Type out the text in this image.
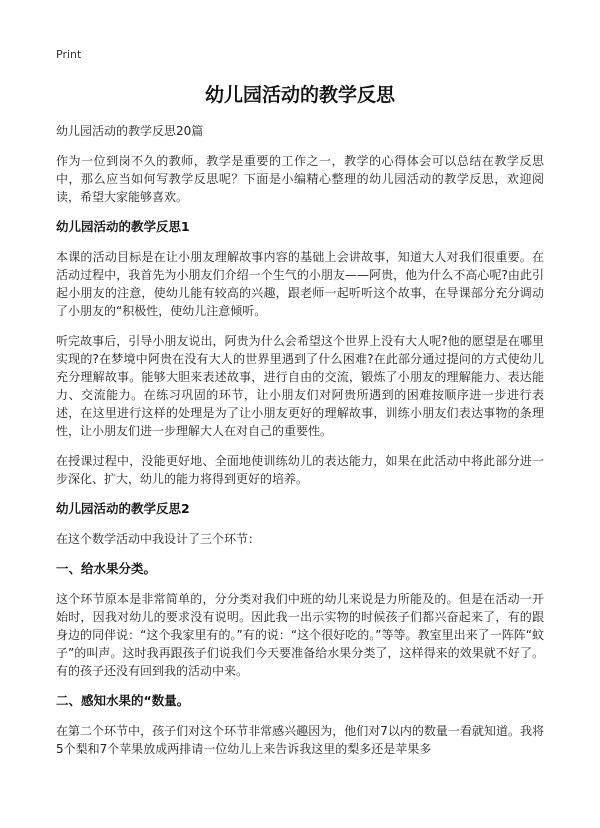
Print
幼儿园活动的教学反思
幼儿园活动的教学反思20篇

作为一位到岗不久的教师，教学是重要的工作之一，教学的心得体会可以总结在教学反思中，那么应当如何写教学反思呢？下面是小编精心整理的幼儿园活动的教学反思，欢迎阅读，希望大家能够喜欢。

幼儿园活动的教学反思1

本课的活动目标是在让小朋友理解故事内容的基础上会讲故事，知道大人对我们很重要。在活动过程中，我首先为小朋友们介绍一个生气的小朋友——阿贵，他为什么不高心呢?由此引起小朋友的注意，使幼儿能有较高的兴趣，跟老师一起听听这个故事，在导课部分充分调动了小朋友的“积极性，使幼儿注意倾听。

听完故事后，引导小朋友说出，阿贵为什么会希望这个世界上没有大人呢?他的愿望是在哪里实现的?在梦境中阿贵在没有大人的世界里遇到了什么困难?在此部分通过提问的方式使幼儿充分理解故事。能够大胆来表述故事，进行自由的交流，锻炼了小朋友的理解能力、表达能力、交流能力。在练习巩固的环节，让小朋友们对阿贵所遇到的困难按顺序进一步进行表述，在这里进行这样的处理是为了让小朋友更好的理解故事，训练小朋友们表达事物的条理性，让小朋友们进一步理解大人在对自己的重要性。

在授课过程中，没能更好地、全面地使训练幼儿的表达能力，如果在此活动中将此部分进一步深化、扩大，幼儿的能力将得到更好的培养。

幼儿园活动的教学反思2

在这个数学活动中我设计了三个环节：

一、给水果分类。

这个环节原本是非常简单的，分分类对我们中班的幼儿来说是力所能及的。但是在活动一开始时，因我对幼儿的要求没有说明。因此我一出示实物的时候孩子们都兴奋起来了，有的跟身边的同伴说：“这个我家里有的。”有的说：“这个很好吃的。”等等。教室里出来了一阵阵“蚊子”的叫声。这时我再跟孩子们说我们今天要准备给水果分类了，这样得来的效果就不好了。有的孩子还没有回到我的活动中来。

二、感知水果的“数量。

在第二个环节中，孩子们对这个环节非常感兴趣因为，他们对7以内的数量一看就知道。我将5个梨和7个苹果放成两排请一位幼儿上来告诉我这里的梨多还是苹果多
